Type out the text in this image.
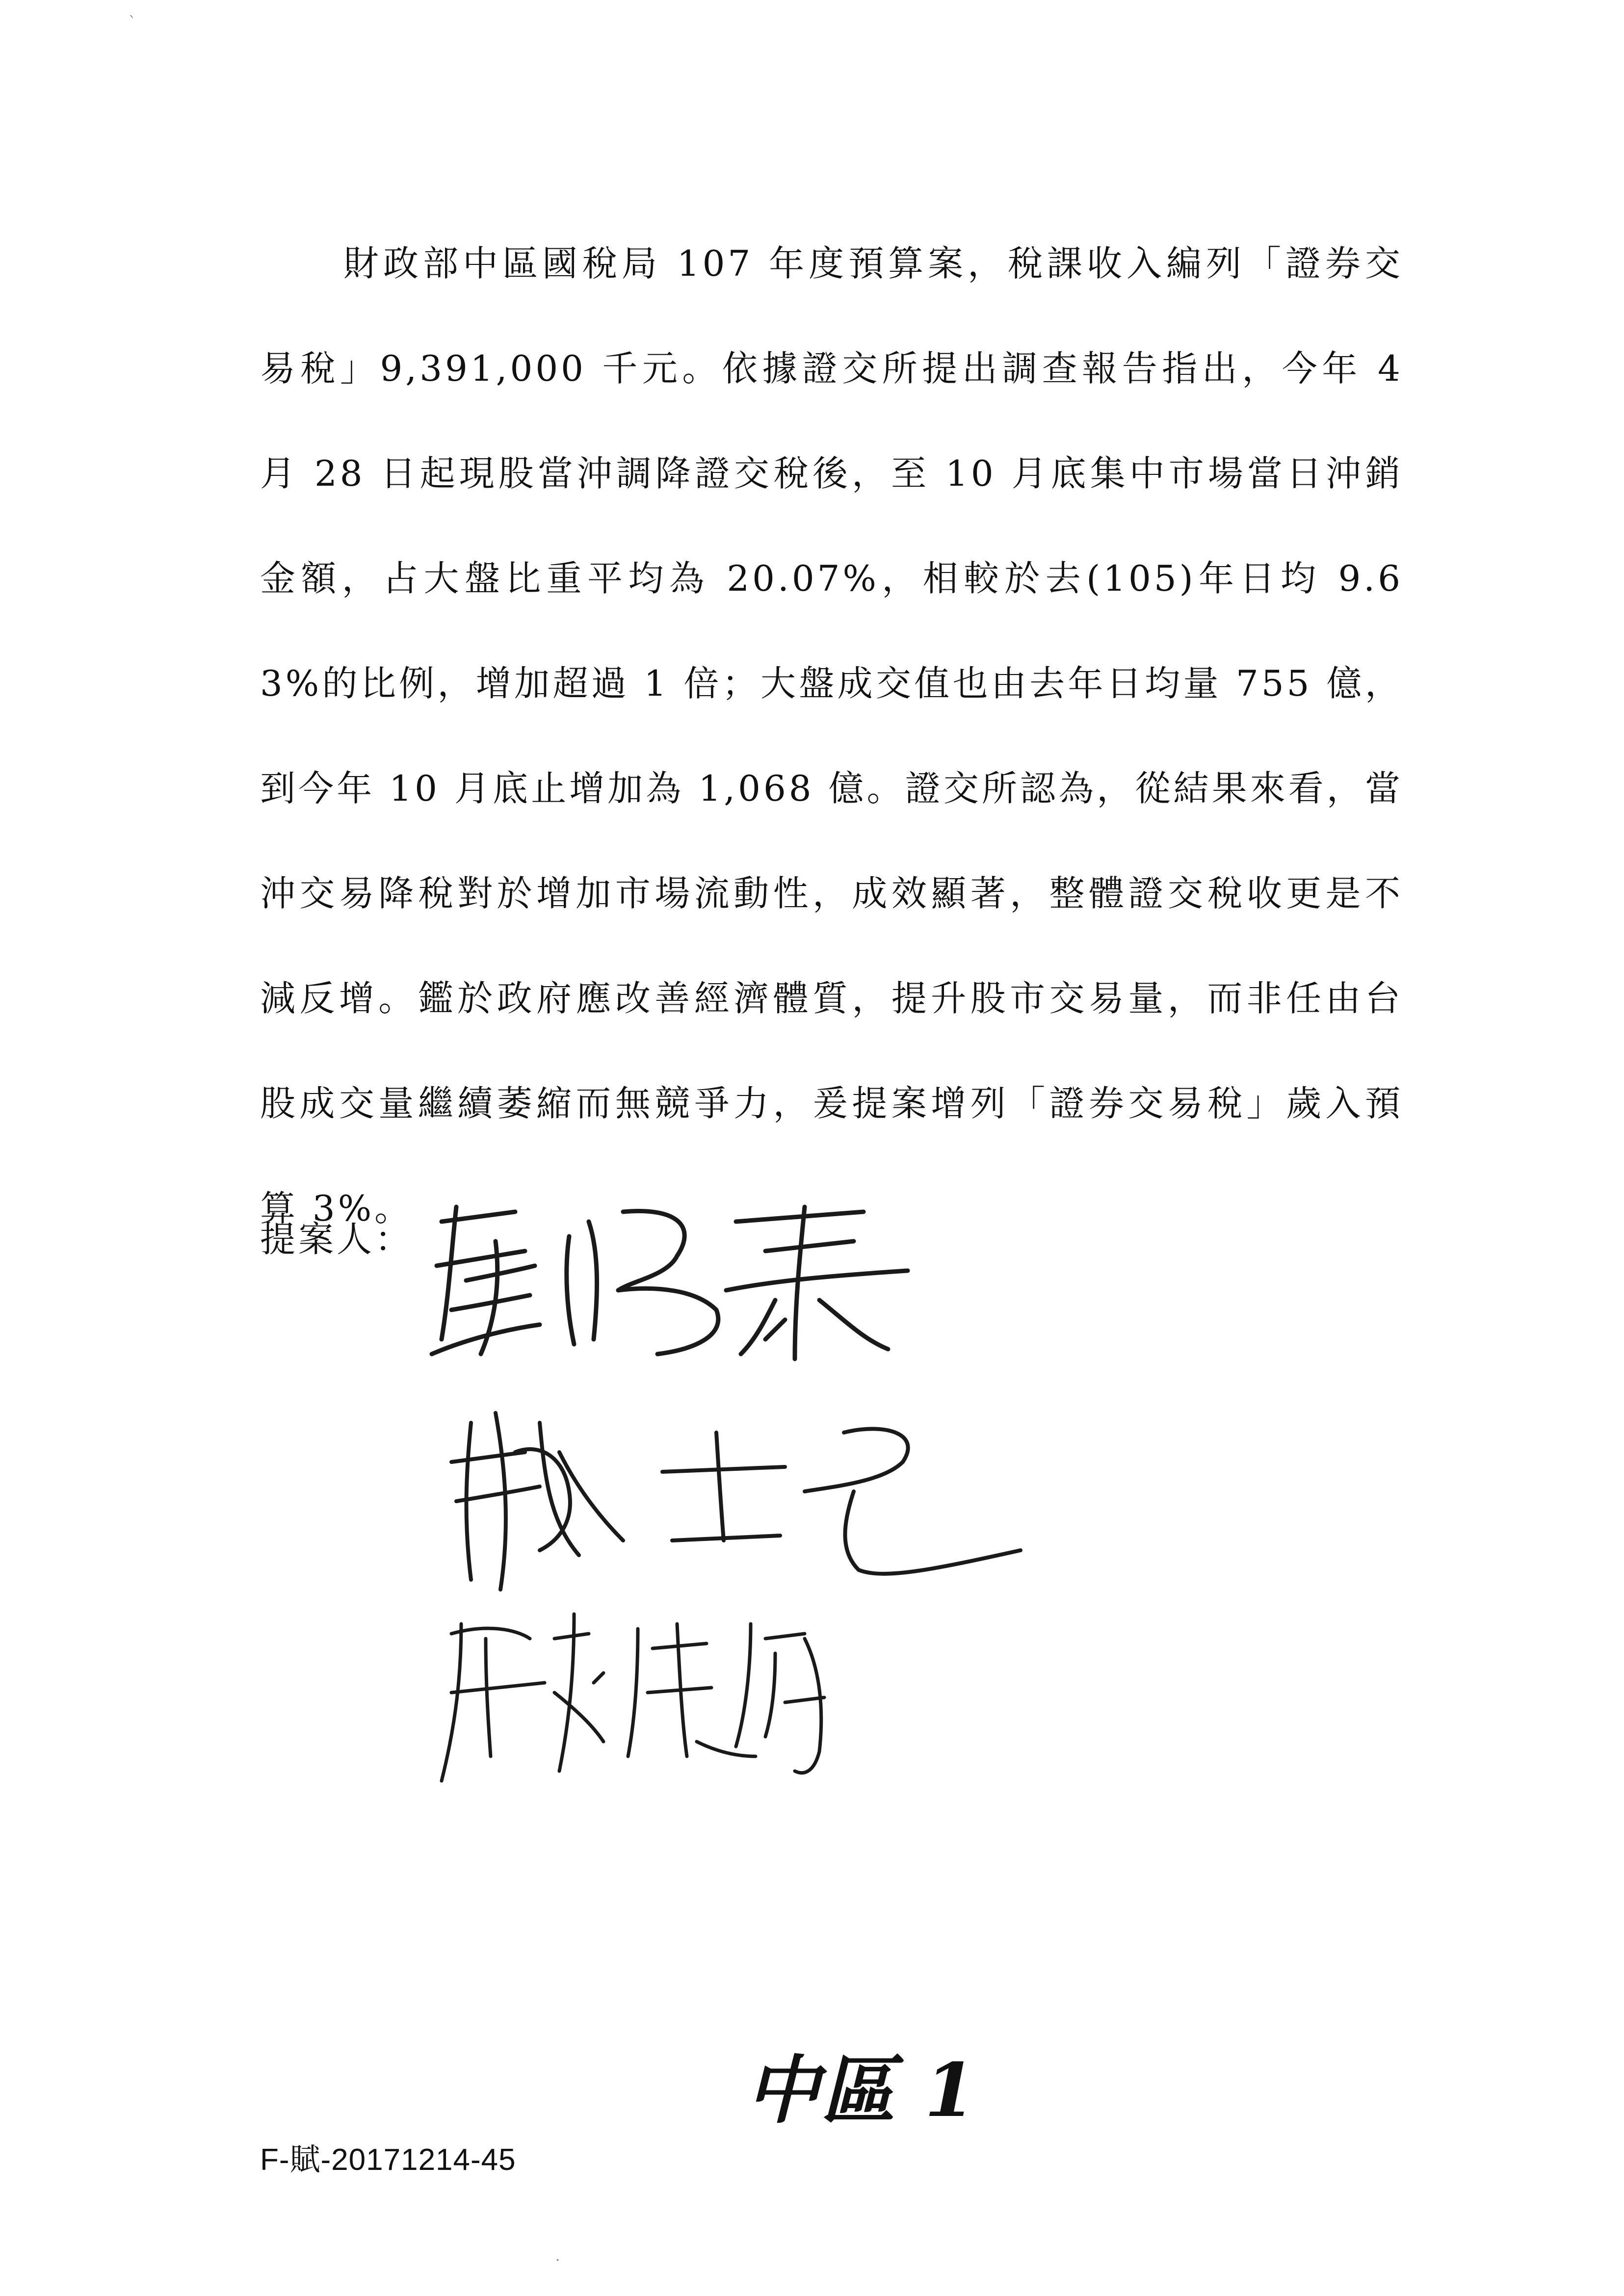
ˋ

財政部中區國稅局 107 年度預算案，稅課收入編列「證券交易稅」9,391,000 千元。依據證交所提出調查報告指出，今年 4 月 28 日起現股當沖調降證交稅後，至 10 月底集中市場當日沖銷金額，占大盤比重平均為 20.07%，相較於去(105)年日均 9.63%的比例，增加超過 1 倍；大盤成交值也由去年日均量 755 億，到今年 10 月底止增加為 1,068 億。證交所認為，從結果來看，當沖交易降稅對於增加市場流動性，成效顯著，整體證交稅收更是不減反增。鑑於政府應改善經濟體質，提升股市交易量，而非任由台股成交量繼續萎縮而無競爭力，爰提案增列「證券交易稅」歲入預算 3%。

提案人：
中區 1
F-賦-20171214-45
·
